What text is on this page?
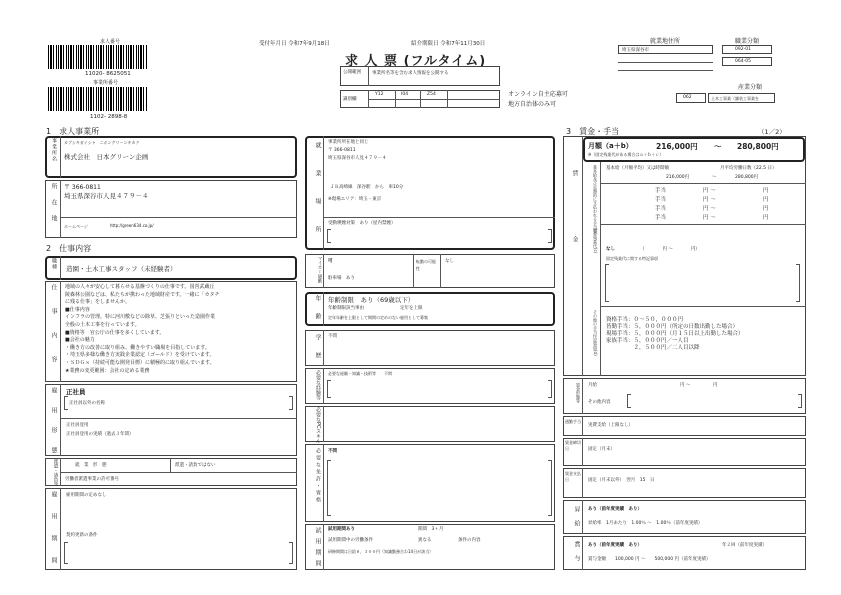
求人番号
11020- 8625051
事業所番号
1102- 2898-8
受付年月日 令和7年9月18日	紹介期限日 令和7年11月30日
求 人 票 (フルタイム)
公開範囲	事業所名等を含む求人情報を公開する
識別欄
Y12	I04	Z54	オンライン自主応募可
地方自治体のみ可
就業地住所
埼玉県深谷市
職業分類
092-01
064-05
産業分類
062	土木工事業（舗装工事業を
1　求人事業所
事業所名 カブシキガイシャ　ニホングリーンキカク
株式会社　日本グリーン企画
所在地 〒 366-0811
埼玉県深谷市人見４７９－４
ホームページ	http://green634.co.jp/
2　仕事内容
職種 造園・土木工事スタッフ（未経験者）
仕事内容 地域の人々が安心して暮らせる基盤づくりの仕事です。国営武蔵丘
陵森林公園などは、私たちが携わった地域財産です。一緒に「カタチ
に残る仕事」をしませんか。
■仕事内容
インフラの管理。特に河川敷などの除草、芝張りといった造園作業
全般の土木工事を行っています。
■資格等　官公庁の仕事を多くしています。
■会社の魅力
・働き方の改善に取り組み、働きやすい職場を目指しています。
・埼玉県多様な働き方実践企業認定（ゴールド）を受けています。
・ＳＤＧｓ（持続可能な開発目標）に積極的に取り組んでいます。
★業務の変更範囲：会社の定める業務
雇用形態 正社員
正社員以外の名称
正社員登用
正社員登用の実績（過去３年間）
派遣・請負等	就　業　形　態	派遣・請負ではない
労働者派遣事業の許可番号
雇用期間 雇用期間の定めなし
契約更新の条件
就業場所 事業所所在地と同じ
〒 366-0811
埼玉県深谷市人見４７９－４
ＪＲ高崎線　深谷駅　から　車10分
※現場エリア：埼玉・東京
受動喫煙対策　あり（屋内禁煙）
マイカー通勤 可
駐車場　あり
転勤の可能性
なし
年齢 年齢制限　あり（69歳以下）
年齢制限該当事由	定年を上限
定年年齢を上限として期間の定めのない雇用として募集
学歴 不問
必要な経験等 必要な経験・知識・技術等　　不問
必要なPCスキル
必要な免許・資格 不問
試用期間 試用期間あり	期間　3ヶ月
試用期間中の労働条件	異なる	条件の内容
研修期間は日給８，３００円（知識勤務合わ14日が該当）
3　賃金・手当	（1／2）
賃金
月額（a＋b）	216,000円 ～ 280,800円
※（固定残業代がある場合はａ＋ｂ＋ｃ）
基本給及び定額的に支払われる手当(a) 基本給（月額平均）又は時間額	月平均労働日数（22.5 日）
216,000円	～	280,800円
手当	円 ～	円
手当	円 ～	円
手当	円 ～	円
手当	円 ～	円
固定残業代(c) なし	（　　　　円 ～　　　　円）
固定残業代に関する特記事項
その他の手当付記事項(d) 資格手当：０～５０，０００円
皆勤手当：５，０００円（所定の日数出勤した場合）
現場手当：５，０００円（月１５日以上出勤した場合）
家族手当：５，０００円／一人目
　　　　　２，５００円／二人目以降
賃金形態等 月給	円 ～　　　　　円
その他内容
通勤手当
実費支給（上限なし）
賃金締切日	固定（月末）
賃金支払日	固定（月末以外）　翌月　15　日
昇給 あり（前年度実績　あり）
昇給率　1月あたり　1.00％ ～　1.00％（前年度実績）
賞与 あり（前年度実績　あり）	年２回（前年度実績）
賞与金額　　100,000 円 ～　　500,000 円（前年度実績）
